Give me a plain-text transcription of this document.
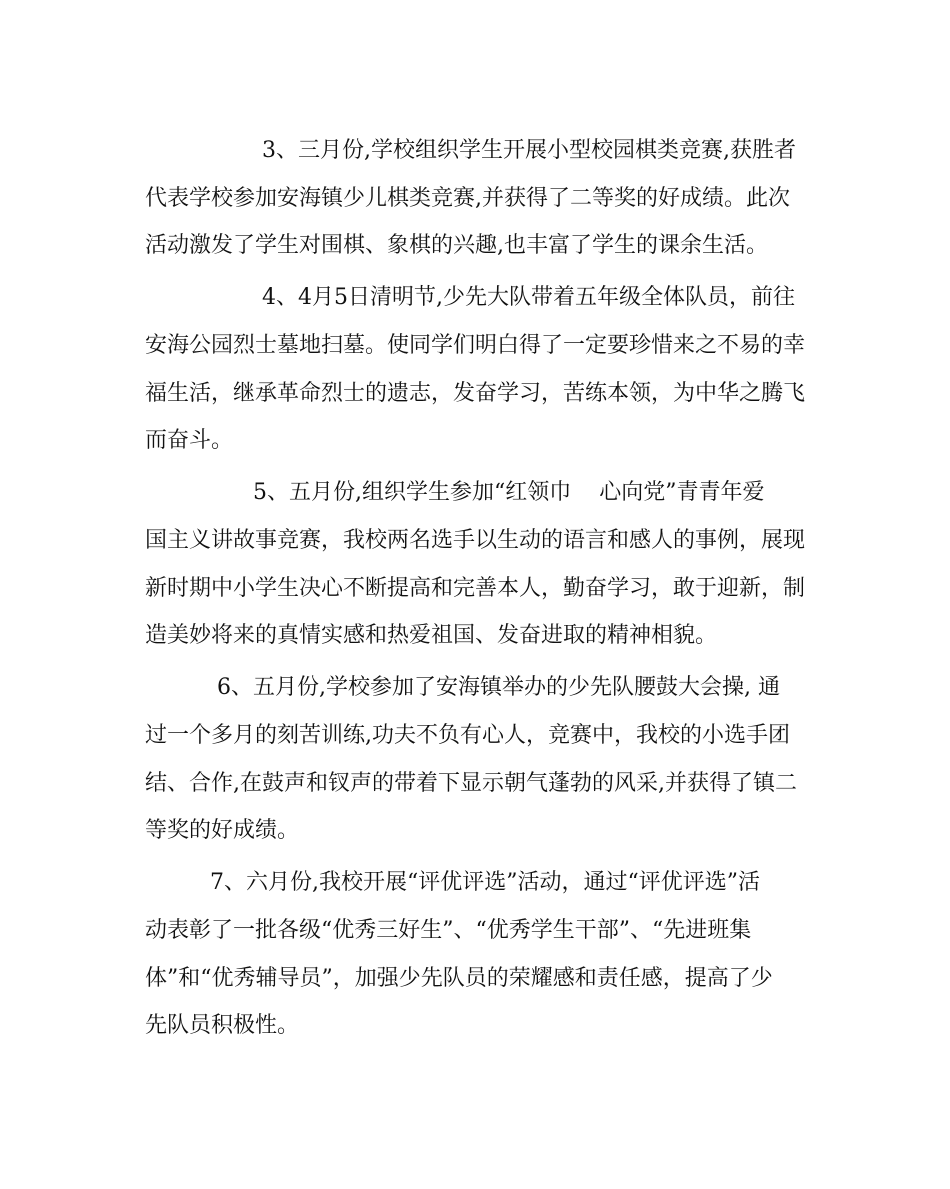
3、三月份,学校组织学生开展小型校园棋类竞赛,获胜者

代表学校参加安海镇少儿棋类竞赛,并获得了二等奖的好成绩。此次

活动激发了学生对围棋、象棋的兴趣,也丰富了学生的课余生活。

4、4月5日清明节,少先大队带着五年级全体队员，前往

安海公园烈士墓地扫墓。使同学们明白得了一定要珍惜来之不易的幸

福生活，继承革命烈士的遗志，发奋学习，苦练本领，为中华之腾飞

而奋斗。

5、五月份,组织学生参加“红领巾    心向党”青青年爱

国主义讲故事竞赛，我校两名选手以生动的语言和感人的事例，展现

新时期中小学生决心不断提高和完善本人，勤奋学习，敢于迎新，制

造美妙将来的真情实感和热爱祖国、发奋进取的精神相貌。

6、五月份,学校参加了安海镇举办的少先队腰鼓大会操, 通

过一个多月的刻苦训练,功夫不负有心人，竞赛中，我校的小选手团

结、合作,在鼓声和钗声的带着下显示朝气蓬勃的风采,并获得了镇二

等奖的好成绩。

7、六月份,我校开展“评优评选”活动，通过“评优评选”活

动表彰了一批各级“优秀三好生”、“优秀学生干部”、“先进班集

体”和“优秀辅导员”，加强少先队员的荣耀感和责任感，提高了少

先队员积极性。
